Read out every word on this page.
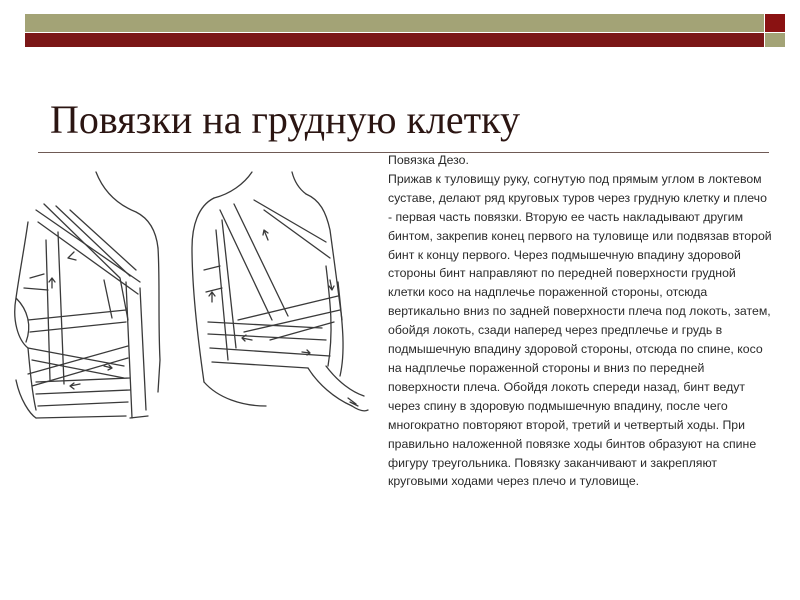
Повязки на грудную клетку

Повязка Дезо.

Прижав к туловищу руку, согнутую под прямым углом в локтевом суставе, делают ряд круговых туров через грудную клетку и плечо - первая часть повязки. Вторую ее часть накладывают другим бинтом, закрепив конец первого на туловище или подвязав второй бинт к концу первого. Через подмышечную впадину здоровой стороны бинт направляют по передней поверхности грудной клетки косо на надплечье пораженной стороны, отсюда вертикально вниз по задней поверхности плеча под локоть, затем, обойдя локоть, сзади наперед через предплечье и грудь в подмышечную впадину здоровой стороны, отсюда по спине, косо на надплечье пораженной стороны и вниз по передней поверхности плеча. Обойдя локоть спереди назад, бинт ведут через спину в здоровую подмышечную впадину, после чего многократно повторяют второй, третий и четвертый ходы. При правильно наложенной повязке ходы бинтов образуют на спине фигуру треугольника. Повязку заканчивают и закрепляют круговыми ходами через плечо и туловище.
